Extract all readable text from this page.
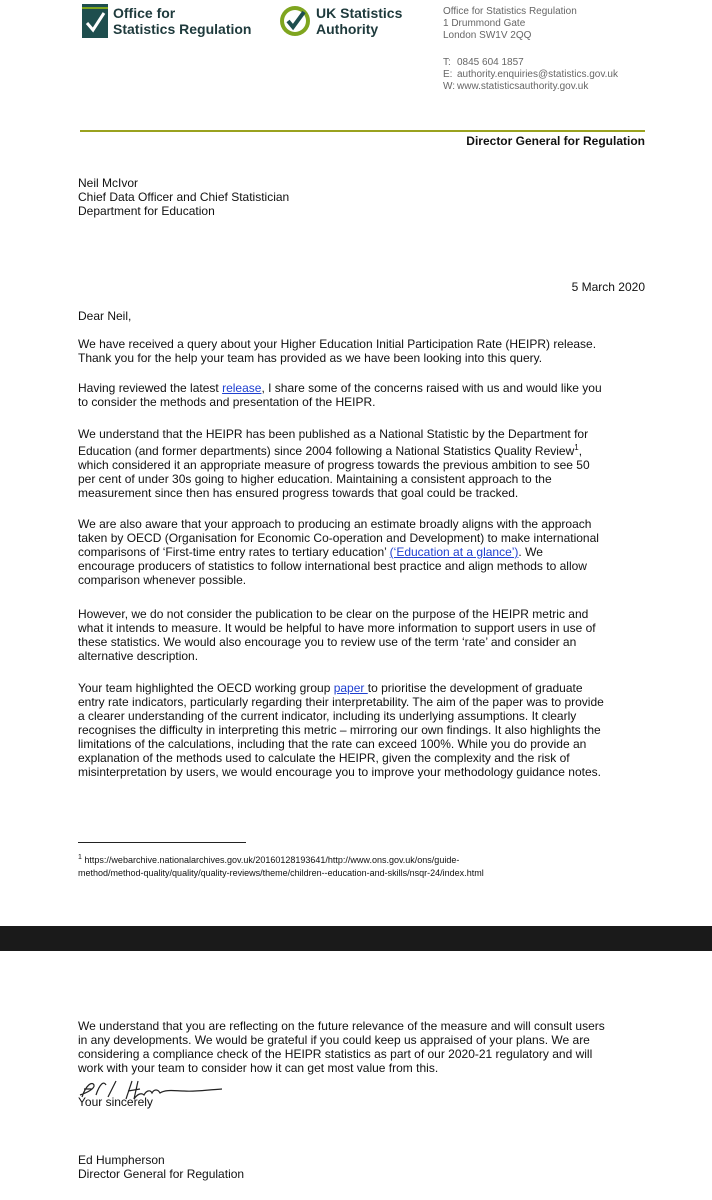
Office for
Statistics Regulation
UK Statistics
Authority
Office for Statistics Regulation
1 Drummond Gate
London SW1V 2QQ
T: 0845 604 1857
E: authority.enquiries@statistics.gov.uk
W: www.statisticsauthority.gov.uk
Director General for Regulation
Neil McIvor
Chief Data Officer and Chief Statistician
Department for Education
5 March 2020
Dear Neil,
We have received a query about your Higher Education Initial Participation Rate (HEIPR) release.
Thank you for the help your team has provided as we have been looking into this query.
Having reviewed the latest release, I share some of the concerns raised with us and would like you
to consider the methods and presentation of the HEIPR.
We understand that the HEIPR has been published as a National Statistic by the Department for
Education (and former departments) since 2004 following a National Statistics Quality Review$^1$,
which considered it an appropriate measure of progress towards the previous ambition to see 50
per cent of under 30s going to higher education. Maintaining a consistent approach to the
measurement since then has ensured progress towards that goal could be tracked.
We are also aware that your approach to producing an estimate broadly aligns with the approach
taken by OECD (Organisation for Economic Co-operation and Development) to make international
comparisons of ‘First-time entry rates to tertiary education’ (‘Education at a glance’). We
encourage producers of statistics to follow international best practice and align methods to allow
comparison whenever possible.
However, we do not consider the publication to be clear on the purpose of the HEIPR metric and
what it intends to measure. It would be helpful to have more information to support users in use of
these statistics. We would also encourage you to review use of the term ‘rate’ and consider an
alternative description.
Your team highlighted the OECD working group paper to prioritise the development of graduate
entry rate indicators, particularly regarding their interpretability. The aim of the paper was to provide
a clearer understanding of the current indicator, including its underlying assumptions. It clearly
recognises the difficulty in interpreting this metric – mirroring our own findings. It also highlights the
limitations of the calculations, including that the rate can exceed 100%. While you do provide an
explanation of the methods used to calculate the HEIPR, given the complexity and the risk of
misinterpretation by users, we would encourage you to improve your methodology guidance notes.
$^1$ https://webarchive.nationalarchives.gov.uk/20160128193641/http://www.ons.gov.uk/ons/guide-
method/method-quality/quality/quality-reviews/theme/children--education-and-skills/nsqr-24/index.html
We understand that you are reflecting on the future relevance of the measure and will consult users
in any developments. We would be grateful if you could keep us appraised of your plans. We are
considering a compliance check of the HEIPR statistics as part of our 2020-21 regulatory and will
work with your team to consider how it can get most value from this.
Your sincerely
Ed Humpherson
Director General for Regulation
